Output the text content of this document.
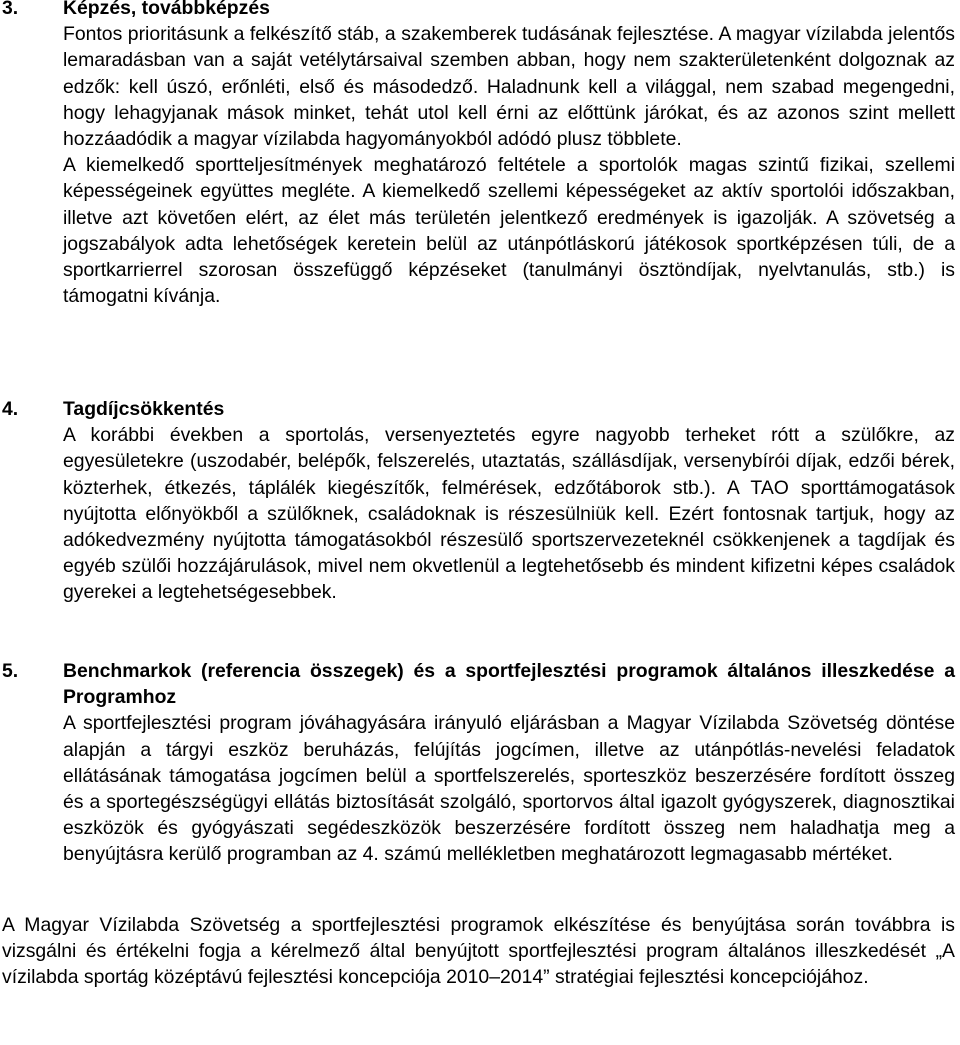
3. Képzés, továbbképzés

Fontos prioritásunk a felkészítő stáb, a szakemberek tudásának fejlesztése. A magyar vízilabda jelentős lemaradásban van a saját vetélytársaival szemben abban, hogy nem szakterületenként dolgoznak az edzők: kell úszó, erőnléti, első és másodedző. Haladnunk kell a világgal, nem szabad megengedni, hogy lehagyjanak mások minket, tehát utol kell érni az előttünk járókat, és az azonos szint mellett hozzáadódik a magyar vízilabda hagyományokból adódó plusz többlete.

A kiemelkedő sportteljesítmények meghatározó feltétele a sportolók magas szintű fizikai, szellemi képességeinek együttes megléte. A kiemelkedő szellemi képességeket az aktív sportolói időszakban, illetve azt követően elért, az élet más területén jelentkező eredmények is igazolják. A szövetség a jogszabályok adta lehetőségek keretein belül az utánpótláskorú játékosok sportképzésen túli, de a sportkarrierrel szorosan összefüggő képzéseket (tanulmányi ösztöndíjak, nyelvtanulás, stb.) is támogatni kívánja.

4. Tagdíjcsökkentés

A korábbi években a sportolás, versenyeztetés egyre nagyobb terheket rótt a szülőkre, az egyesületekre (uszodabér, belépők, felszerelés, utaztatás, szállásdíjak, versenybírói díjak, edzői bérek, közterhek, étkezés, táplálék kiegészítők, felmérések, edzőtáborok stb.). A TAO sporttámogatások nyújtotta előnyökből a szülőknek, családoknak is részesülniük kell. Ezért fontosnak tartjuk, hogy az adókedvezmény nyújtotta támogatásokból részesülő sportszervezeteknél csökkenjenek a tagdíjak és egyéb szülői hozzájárulások, mivel nem okvetlenül a legtehetősebb és mindent kifizetni képes családok gyerekei a legtehetségesebbek.

5. Benchmarkok (referencia összegek) és a sportfejlesztési programok általános illeszkedése a Programhoz

A sportfejlesztési program jóváhagyására irányuló eljárásban a Magyar Vízilabda Szövetség döntése alapján a tárgyi eszköz beruházás, felújítás jogcímen, illetve az utánpótlás-nevelési feladatok ellátásának támogatása jogcímen belül a sportfelszerelés, sporteszköz beszerzésére fordított összeg és a sportegészségügyi ellátás biztosítását szolgáló, sportorvos által igazolt gyógyszerek, diagnosztikai eszközök és gyógyászati segédeszközök beszerzésére fordított összeg nem haladhatja meg a benyújtásra kerülő programban az 4. számú mellékletben meghatározott legmagasabb mértéket.

A Magyar Vízilabda Szövetség a sportfejlesztési programok elkészítése és benyújtása során továbbra is vizsgálni és értékelni fogja a kérelmező által benyújtott sportfejlesztési program általános illeszkedését „A vízilabda sportág középtávú fejlesztési koncepciója 2010–2014” stratégiai fejlesztési koncepciójához.
